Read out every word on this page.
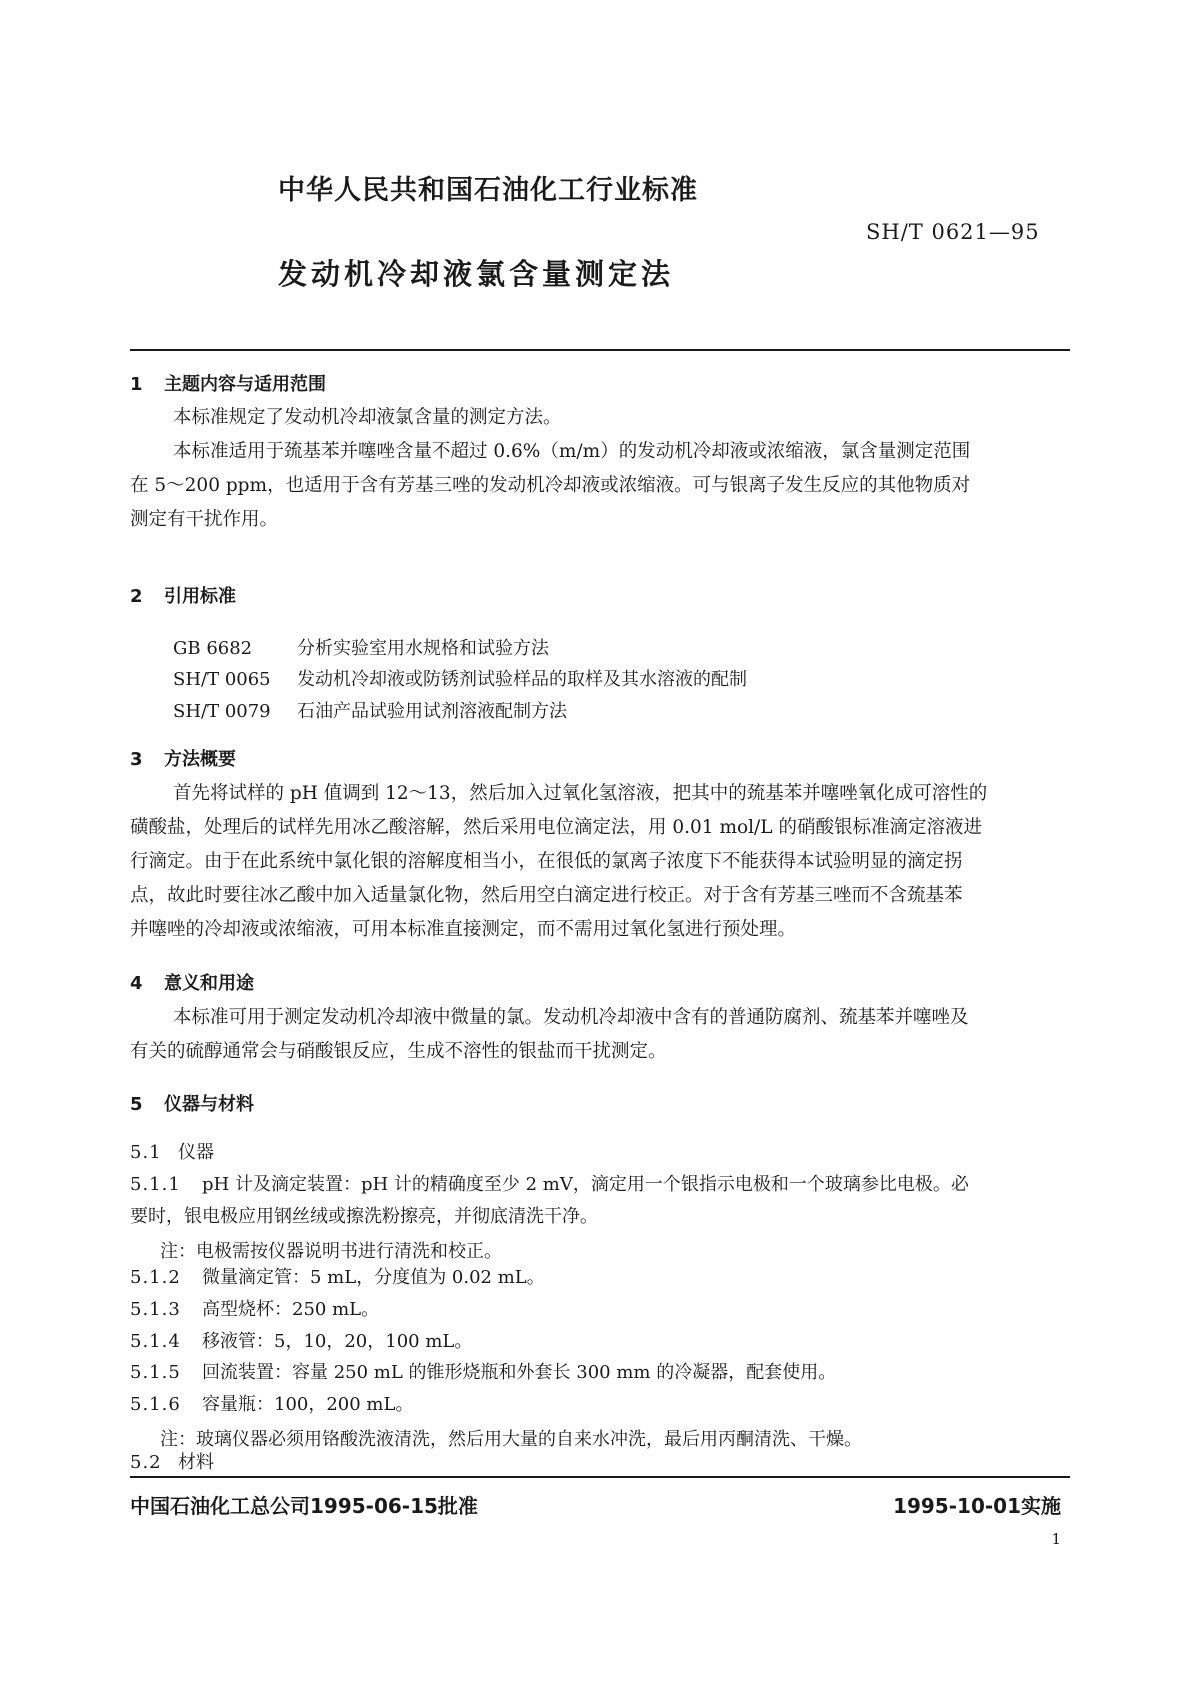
中华人民共和国石油化工行业标准
SH/T 0621—95
发动机冷却液氯含量测定法
1 主题内容与适用范围
本标准规定了发动机冷却液氯含量的测定方法。
本标准适用于巯基苯并噻唑含量不超过 0.6%（m/m）的发动机冷却液或浓缩液，氯含量测定范围
在 5～200 ppm，也适用于含有芳基三唑的发动机冷却液或浓缩液。可与银离子发生反应的其他物质对
测定有干扰作用。
2 引用标准
GB 6682 分析实验室用水规格和试验方法
SH/T 0065 发动机冷却液或防锈剂试验样品的取样及其水溶液的配制
SH/T 0079 石油产品试验用试剂溶液配制方法
3 方法概要
首先将试样的 pH 值调到 12～13，然后加入过氧化氢溶液，把其中的巯基苯并噻唑氧化成可溶性的
磺酸盐，处理后的试样先用冰乙酸溶解，然后采用电位滴定法，用 0.01 mol/L 的硝酸银标准滴定溶液进
行滴定。由于在此系统中氯化银的溶解度相当小，在很低的氯离子浓度下不能获得本试验明显的滴定拐
点，故此时要往冰乙酸中加入适量氯化物，然后用空白滴定进行校正。对于含有芳基三唑而不含巯基苯
并噻唑的冷却液或浓缩液，可用本标准直接测定，而不需用过氧化氢进行预处理。
4 意义和用途
本标准可用于测定发动机冷却液中微量的氯。发动机冷却液中含有的普通防腐剂、巯基苯并噻唑及
有关的硫醇通常会与硝酸银反应，生成不溶性的银盐而干扰测定。
5 仪器与材料
5.1 仪器
5.1.1 pH 计及滴定装置：pH 计的精确度至少 2 mV，滴定用一个银指示电极和一个玻璃参比电极。必
要时，银电极应用钢丝绒或擦洗粉擦亮，并彻底清洗干净。
注：电极需按仪器说明书进行清洗和校正。
5.1.2 微量滴定管：5 mL，分度值为 0.02 mL。
5.1.3 高型烧杯：250 mL。
5.1.4 移液管：5，10，20，100 mL。
5.1.5 回流装置：容量 250 mL 的锥形烧瓶和外套长 300 mm 的冷凝器，配套使用。
5.1.6 容量瓶：100，200 mL。
注：玻璃仪器必须用铬酸洗液清洗，然后用大量的自来水冲洗，最后用丙酮清洗、干燥。
5.2 材料
中国石油化工总公司1995-06-15批准	1995-10-01实施
1
